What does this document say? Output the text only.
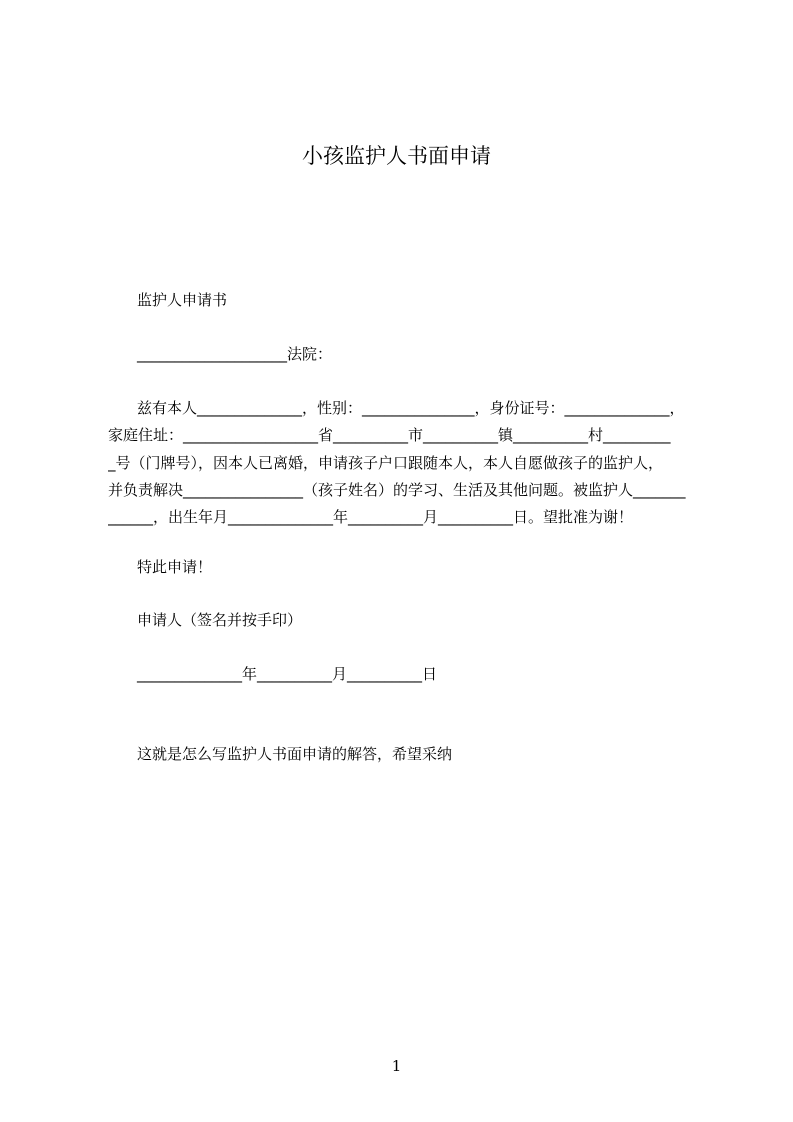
小孩监护人书面申请
监护人申请书
____________________法院：
兹有本人______________，性别：_______________，身份证号：______________，
家庭住址：__________________省__________市__________镇__________村_________
_号（门牌号），因本人已离婚，申请孩子户口跟随本人，本人自愿做孩子的监护人，
并负责解决________________（孩子姓名）的学习、生活及其他问题。被监护人_______
______，出生年月______________年__________月__________日。望批准为谢！
特此申请！
申请人（签名并按手印）
______________年__________月__________日
这就是怎么写监护人书面申请的解答，希望采纳
1
